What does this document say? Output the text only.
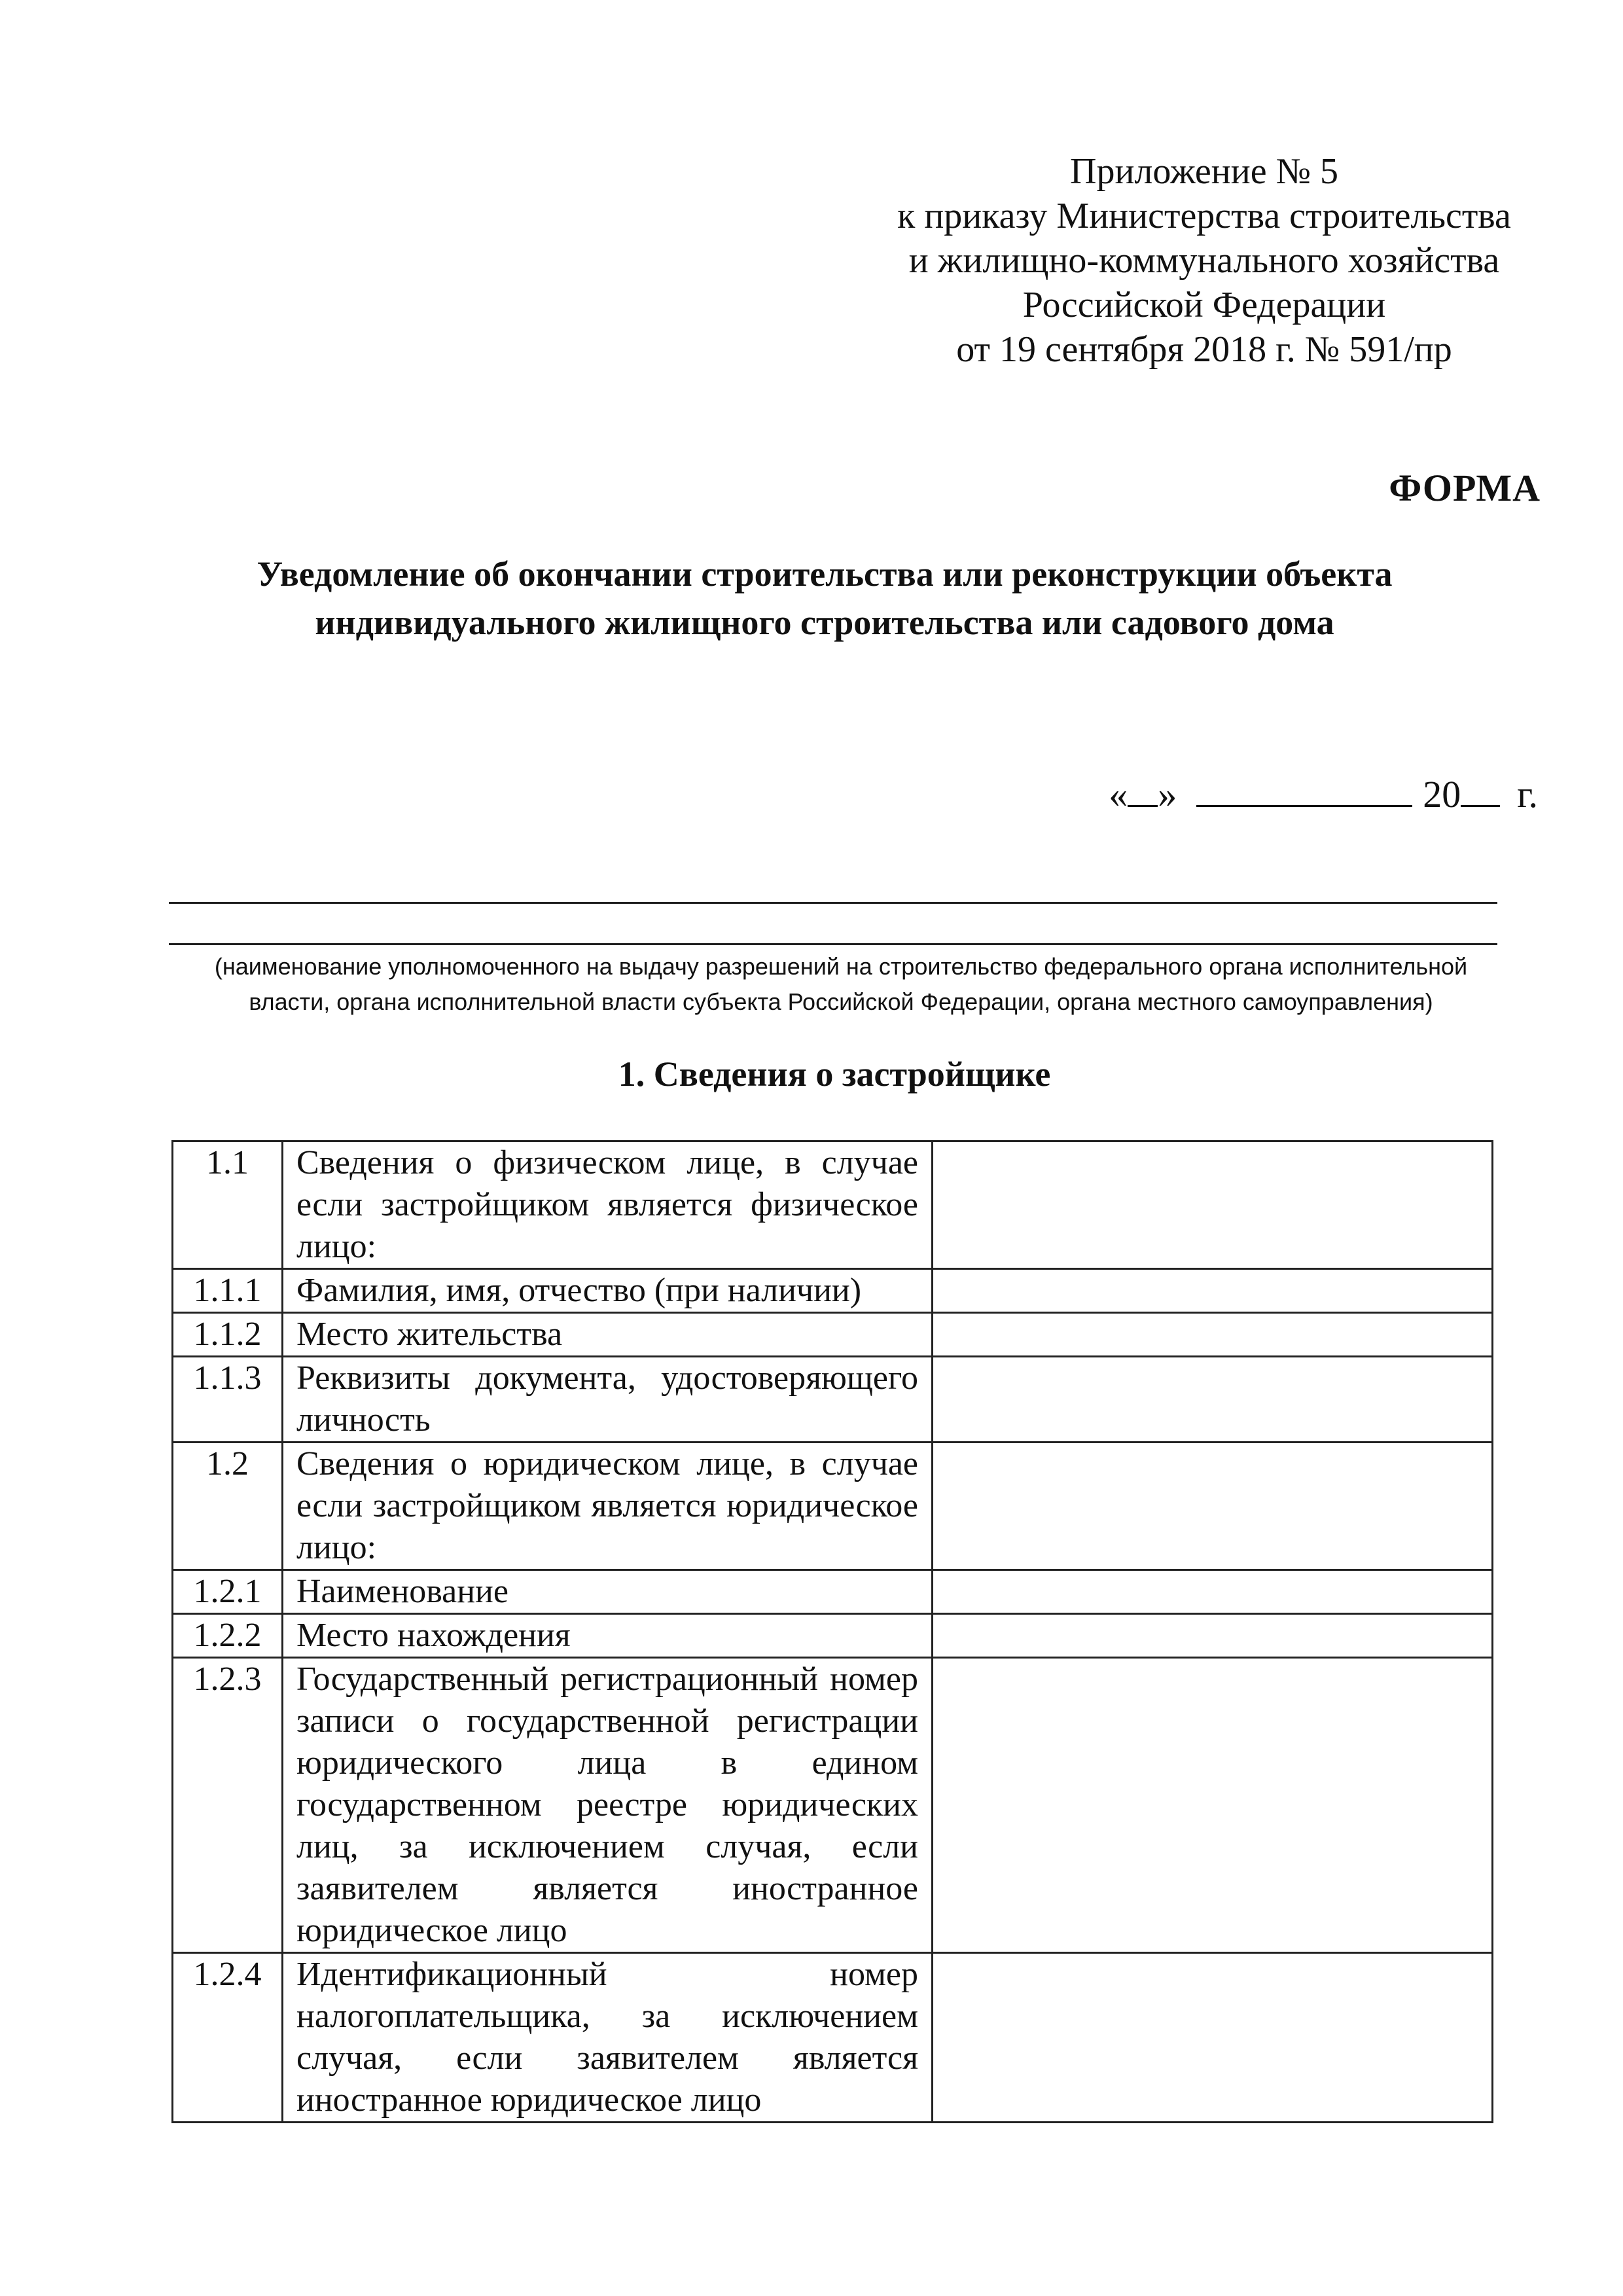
Приложение № 5
к приказу Министерства строительства
и жилищно-коммунального хозяйства
Российской Федерации
от 19 сентября 2018 г. № 591/пр
ФОРМА
Уведомление об окончании строительства или реконструкции объекта
индивидуального жилищного строительства или садового дома
« »	20 г.
(наименование уполномоченного на выдачу разрешений на строительство федерального органа исполнительной
власти, органа исполнительной власти субъекта Российской Федерации, органа местного самоуправления)
1. Сведения о застройщике
1.1	Сведения о физическом лице, в случае если застройщиком является физическое лицо:	
1.1.1	Фамилия, имя, отчество (при наличии)	
1.1.2	Место жительства	
1.1.3	Реквизиты документа, удостоверяющего личность	
1.2	Сведения о юридическом лице, в случае если застройщиком является юридическое лицо:	
1.2.1	Наименование	
1.2.2	Место нахождения	
1.2.3	Государственный регистрационный номер записи о государственной регистрации юридического лица в едином государственном реестре юридических лиц, за исключением случая, если заявителем является иностранное юридическое лицо	
1.2.4	Идентификационный номер налогоплательщика, за исключением случая, если заявителем является иностранное юридическое лицо	
